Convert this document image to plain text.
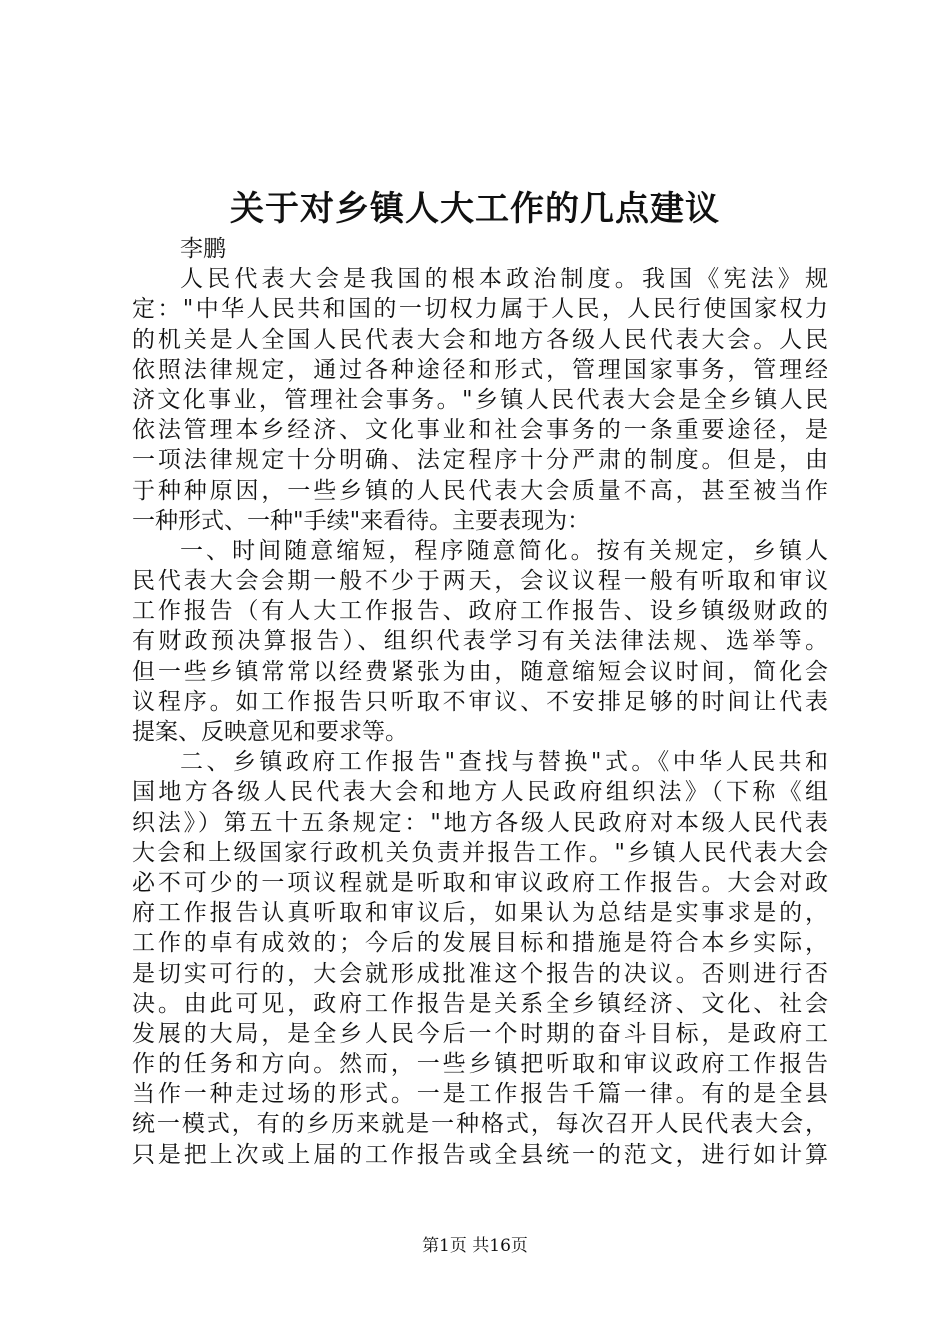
关于对乡镇人大工作的几点建议
李鹏
人民代表大会是我国的根本政治制度。我国《宪法》规
定："中华人民共和国的一切权力属于人民，人民行使国家权力
的机关是人全国人民代表大会和地方各级人民代表大会。人民
依照法律规定，通过各种途径和形式，管理国家事务，管理经
济文化事业，管理社会事务。"乡镇人民代表大会是全乡镇人民
依法管理本乡经济、文化事业和社会事务的一条重要途径，是
一项法律规定十分明确、法定程序十分严肃的制度。但是，由
于种种原因，一些乡镇的人民代表大会质量不高，甚至被当作
一种形式、一种"手续"来看待。主要表现为：
一、时间随意缩短，程序随意简化。按有关规定，乡镇人
民代表大会会期一般不少于两天，会议议程一般有听取和审议
工作报告（有人大工作报告、政府工作报告、设乡镇级财政的
有财政预决算报告）、组织代表学习有关法律法规、选举等。
但一些乡镇常常以经费紧张为由，随意缩短会议时间，简化会
议程序。如工作报告只听取不审议、不安排足够的时间让代表
提案、反映意见和要求等。
二、乡镇政府工作报告"查找与替换"式。《中华人民共和
国地方各级人民代表大会和地方人民政府组织法》（下称《组
织法》）第五十五条规定："地方各级人民政府对本级人民代表
大会和上级国家行政机关负责并报告工作。"乡镇人民代表大会
必不可少的一项议程就是听取和审议政府工作报告。大会对政
府工作报告认真听取和审议后，如果认为总结是实事求是的，
工作的卓有成效的；今后的发展目标和措施是符合本乡实际，
是切实可行的，大会就形成批准这个报告的决议。否则进行否
决。由此可见，政府工作报告是关系全乡镇经济、文化、社会
发展的大局，是全乡人民今后一个时期的奋斗目标，是政府工
作的任务和方向。然而，一些乡镇把听取和审议政府工作报告
当作一种走过场的形式。一是工作报告千篇一律。有的是全县
统一模式，有的乡历来就是一种格式，每次召开人民代表大会，
只是把上次或上届的工作报告或全县统一的范文，进行如计算
第1页 共16页
